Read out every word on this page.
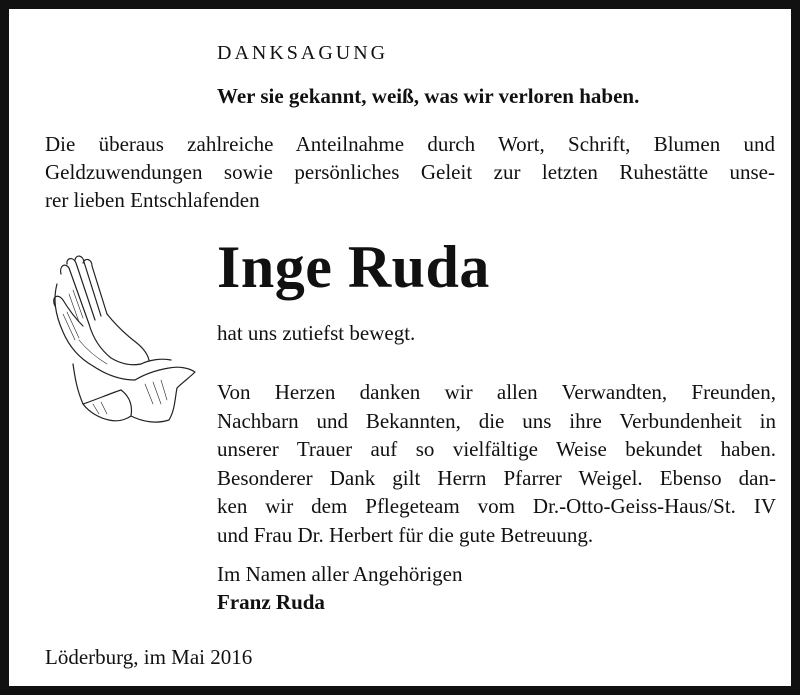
DANKSAGUNG

Wer sie gekannt, weiß, was wir verloren haben.

Die überaus zahlreiche Anteilnahme durch Wort, Schrift, Blumen und
Geldzuwendungen sowie persönliches Geleit zur letzten Ruhestätte unse-
rer lieben Entschlafenden

Inge Ruda

hat uns zutiefst bewegt.

Von Herzen danken wir allen Verwandten, Freunden,
Nachbarn und Bekannten, die uns ihre Verbundenheit in
unserer Trauer auf so vielfältige Weise bekundet haben.
Besonderer Dank gilt Herrn Pfarrer Weigel. Ebenso dan-
ken wir dem Pflegeteam vom Dr.-Otto-Geiss-Haus/St. IV
und Frau Dr. Herbert für die gute Betreuung.

Im Namen aller Angehörigen

Franz Ruda

Löderburg, im Mai 2016
